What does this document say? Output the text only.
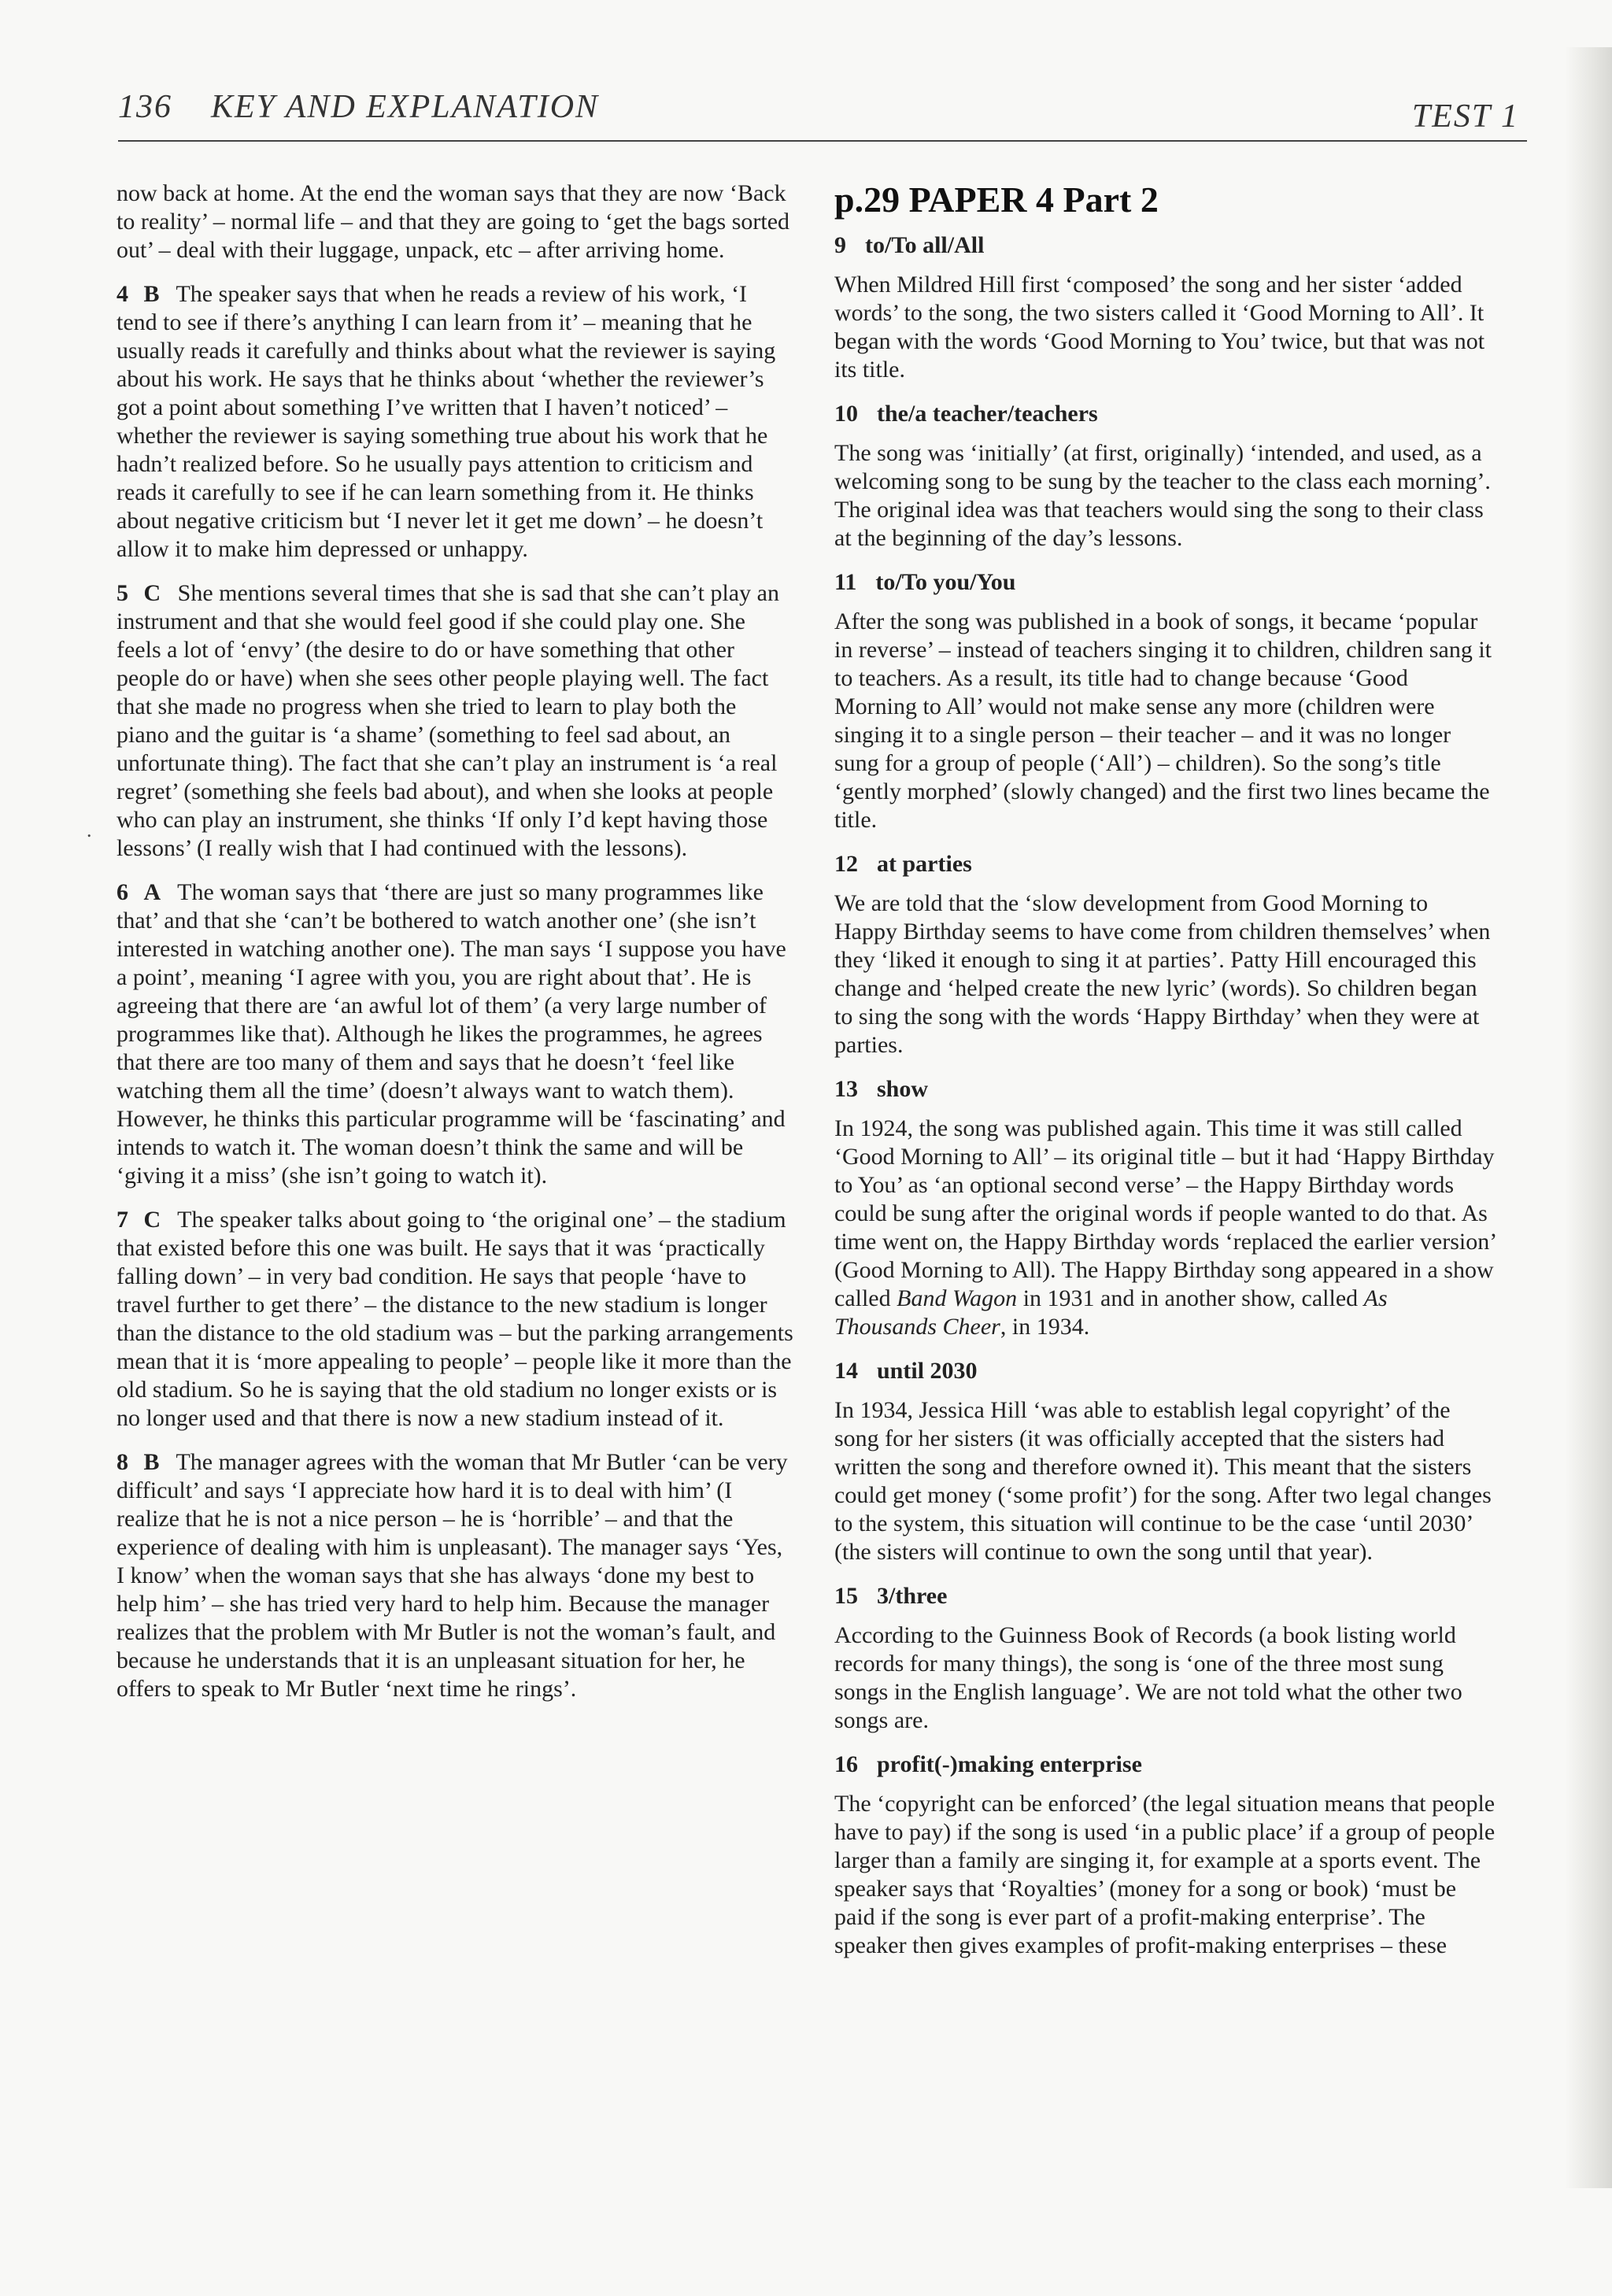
136 KEY AND EXPLANATION	TEST 1
.

now back at home. At the end the woman says that they are now ‘Back to reality’ – normal life – and that they are going to ‘get the bags sorted out’ – deal with their luggage, unpack, etc – after arriving home.

4 B The speaker says that when he reads a review of his work, ‘I tend to see if there’s anything I can learn from it’ – meaning that he usually reads it carefully and thinks about what the reviewer is saying about his work. He says that he thinks about ‘whether the reviewer’s got a point about something I’ve written that I haven’t noticed’ – whether the reviewer is saying something true about his work that he hadn’t realized before. So he usually pays attention to criticism and reads it carefully to see if he can learn something from it. He thinks about negative criticism but ‘I never let it get me down’ – he doesn’t allow it to make him depressed or unhappy.

5 C She mentions several times that she is sad that she can’t play an instrument and that she would feel good if she could play one. She feels a lot of ‘envy’ (the desire to do or have something that other people do or have) when she sees other people playing well. The fact that she made no progress when she tried to learn to play both the piano and the guitar is ‘a shame’ (something to feel sad about, an unfortunate thing). The fact that she can’t play an instrument is ‘a real regret’ (something she feels bad about), and when she looks at people who can play an instrument, she thinks ‘If only I’d kept having those lessons’ (I really wish that I had continued with the lessons).

6 A The woman says that ‘there are just so many programmes like that’ and that she ‘can’t be bothered to watch another one’ (she isn’t interested in watching another one). The man says ‘I suppose you have a point’, meaning ‘I agree with you, you are right about that’. He is agreeing that there are ‘an awful lot of them’ (a very large number of programmes like that). Although he likes the programmes, he agrees that there are too many of them and says that he doesn’t ‘feel like watching them all the time’ (doesn’t always want to watch them). However, he thinks this particular programme will be ‘fascinating’ and intends to watch it. The woman doesn’t think the same and will be ‘giving it a miss’ (she isn’t going to watch it).

7 C The speaker talks about going to ‘the original one’ – the stadium that existed before this one was built. He says that it was ‘practically falling down’ – in very bad condition. He says that people ‘have to travel further to get there’ – the distance to the new stadium is longer than the distance to the old stadium was – but the parking arrangements mean that it is ‘more appealing to people’ – people like it more than the old stadium. So he is saying that the old stadium no longer exists or is no longer used and that there is now a new stadium instead of it.

8 B The manager agrees with the woman that Mr Butler ‘can be very difficult’ and says ‘I appreciate how hard it is to deal with him’ (I realize that he is not a nice person – he is ‘horrible’ – and that the experience of dealing with him is unpleasant). The manager says ‘Yes, I know’ when the woman says that she has always ‘done my best to help him’ – she has tried very hard to help him. Because the manager realizes that the problem with Mr Butler is not the woman’s fault, and because he understands that it is an unpleasant situation for her, he offers to speak to Mr Butler ‘next time he rings’.

p.29 PAPER 4 Part 2
9 to/To all/All

When Mildred Hill first ‘composed’ the song and her sister ‘added words’ to the song, the two sisters called it ‘Good Morning to All’. It began with the words ‘Good Morning to You’ twice, but that was not its title.

10 the/a teacher/teachers

The song was ‘initially’ (at first, originally) ‘intended, and used, as a welcoming song to be sung by the teacher to the class each morning’. The original idea was that teachers would sing the song to their class at the beginning of the day’s lessons.

11 to/To you/You

After the song was published in a book of songs, it became ‘popular in reverse’ – instead of teachers singing it to children, children sang it to teachers. As a result, its title had to change because ‘Good Morning to All’ would not make sense any more (children were singing it to a single person – their teacher – and it was no longer sung for a group of people (‘All’) – children). So the song’s title ‘gently morphed’ (slowly changed) and the first two lines became the title.

12 at parties

We are told that the ‘slow development from Good Morning to Happy Birthday seems to have come from children themselves’ when they ‘liked it enough to sing it at parties’. Patty Hill encouraged this change and ‘helped create the new lyric’ (words). So children began to sing the song with the words ‘Happy Birthday’ when they were at parties.

13 show

In 1924, the song was published again. This time it was still called ‘Good Morning to All’ – its original title – but it had ‘Happy Birthday to You’ as ‘an optional second verse’ – the Happy Birthday words could be sung after the original words if people wanted to do that. As time went on, the Happy Birthday words ‘replaced the earlier version’ (Good Morning to All). The Happy Birthday song appeared in a show called Band Wagon in 1931 and in another show, called As Thousands Cheer, in 1934.

14 until 2030

In 1934, Jessica Hill ‘was able to establish legal copyright’ of the song for her sisters (it was officially accepted that the sisters had written the song and therefore owned it). This meant that the sisters could get money (‘some profit’) for the song. After two legal changes to the system, this situation will continue to be the case ‘until 2030’ (the sisters will continue to own the song until that year).

15 3/three

According to the Guinness Book of Records (a book listing world records for many things), the song is ‘one of the three most sung songs in the English language’. We are not told what the other two songs are.

16 profit(-)making enterprise

The ‘copyright can be enforced’ (the legal situation means that people have to pay) if the song is used ‘in a public place’ if a group of people larger than a family are singing it, for example at a sports event. The speaker says that ‘Royalties’ (money for a song or book) ‘must be paid if the song is ever part of a profit-making enterprise’. The speaker then gives examples of profit-making enterprises – these
